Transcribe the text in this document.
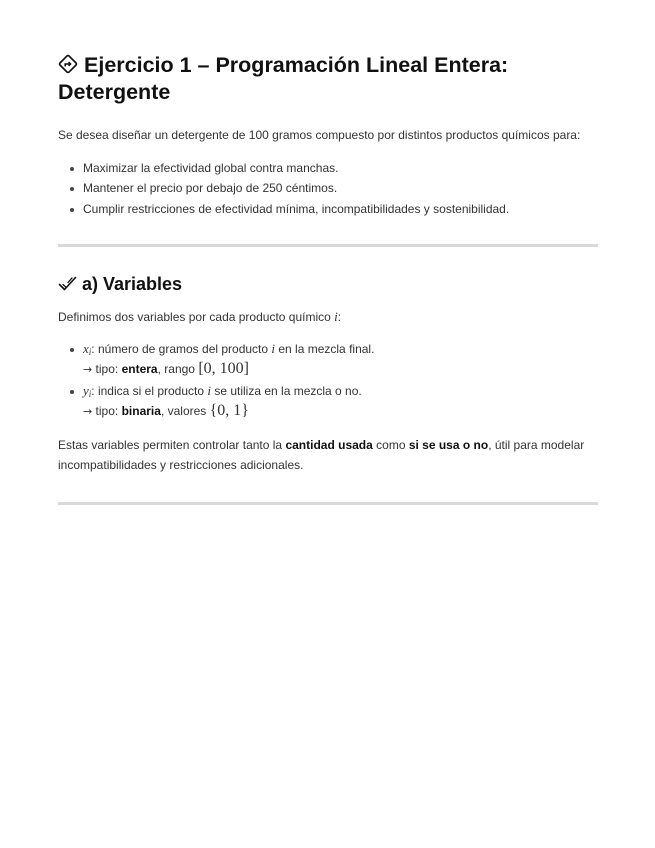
Ejercicio 1 – Programación Lineal Entera: Detergente

Se desea diseñar un detergente de 100 gramos compuesto por distintos productos químicos para:

Maximizar la efectividad global contra manchas.
Mantener el precio por debajo de 250 céntimos.
Cumplir restricciones de efectividad mínima, incompatibilidades y sostenibilidad.
a) Variables

Definimos dos variables por cada producto químico i:

$x_i$: número de gramos del producto i en la mezcla final.
→ tipo: entera, rango [0, 100]
$y_i$: indica si el producto i se utiliza en la mezcla o no.
→ tipo: binaria, valores {0, 1}

Estas variables permiten controlar tanto la cantidad usada como si se usa o no, útil para modelar incompatibilidades y restricciones adicionales.
